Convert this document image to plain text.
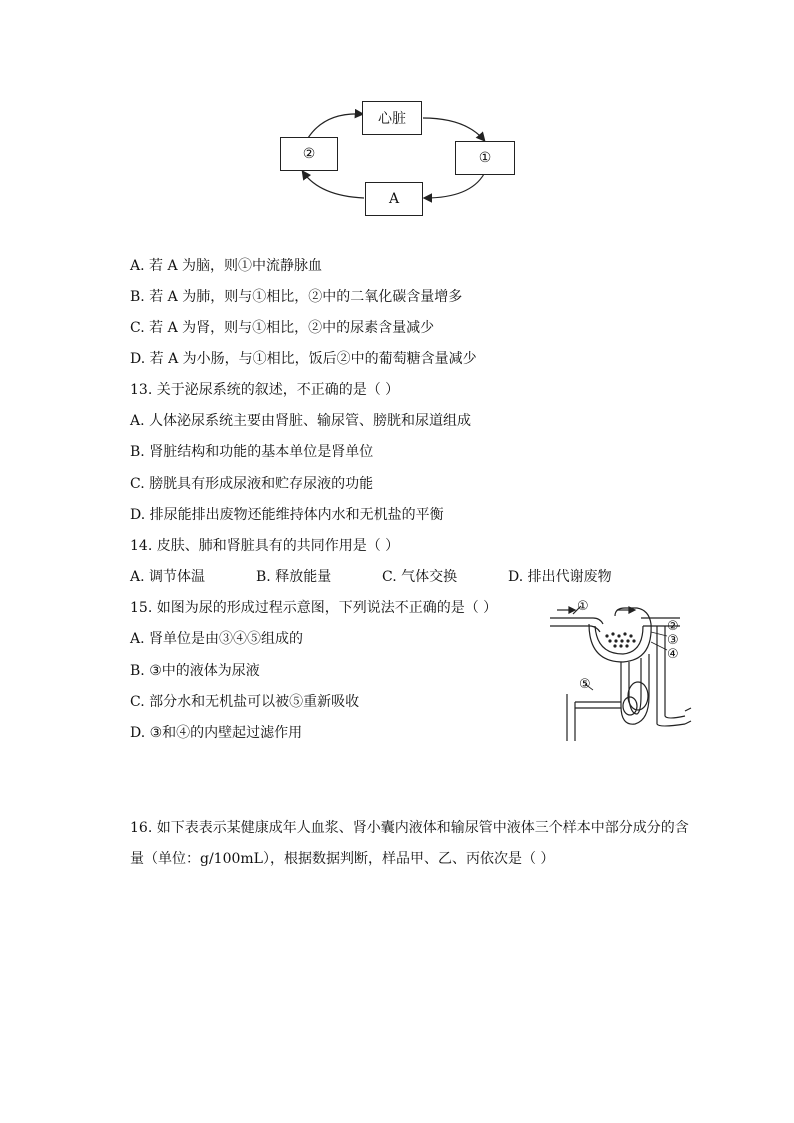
心脏
①
②
A
A. 若 A 为脑，则①中流静脉血
B. 若 A 为肺，则与①相比，②中的二氧化碳含量增多
C. 若 A 为肾，则与①相比，②中的尿素含量减少
D. 若 A 为小肠，与①相比，饭后②中的葡萄糖含量减少
13. 关于泌尿系统的叙述，不正确的是（ ）
A. 人体泌尿系统主要由肾脏、输尿管、膀胱和尿道组成
B. 肾脏结构和功能的基本单位是肾单位
C. 膀胱具有形成尿液和贮存尿液的功能
D. 排尿能排出废物还能维持体内水和无机盐的平衡
14. 皮肤、肺和肾脏具有的共同作用是（ ）
A. 调节体温	B. 释放能量	C. 气体交换	D. 排出代谢废物
15. 如图为尿的形成过程示意图，下列说法不正确的是（ ）
A. 肾单位是由③④⑤组成的
B. ③中的液体为尿液
C. 部分水和无机盐可以被⑤重新吸收
D. ③和④的内壁起过滤作用
①
②
③
④
⑤
16. 如下表表示某健康成年人血浆、肾小囊内液体和输尿管中液体三个样本中部分成分的含
量（单位：g/100mL），根据数据判断，样品甲、乙、丙依次是（ ）
